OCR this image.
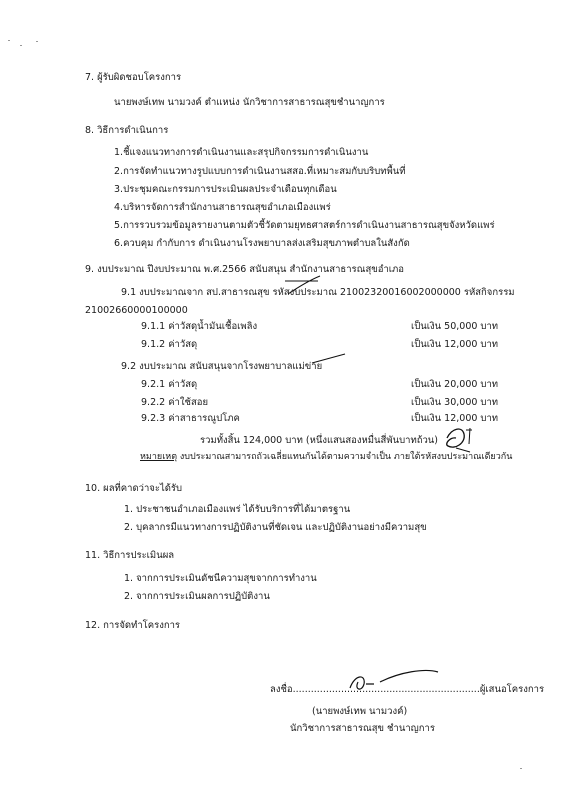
7. ผู้รับผิดชอบโครงการ
นายพงษ์เทพ นามวงค์ ตำแหน่ง นักวิชาการสาธารณสุขชำนาญการ
8. วิธีการดำเนินการ
1.ชี้แจงแนวทางการดำเนินงานและสรุปกิจกรรมการดำเนินงาน
2.การจัดทำแนวทางรูปแบบการดำเนินงานสสอ.ที่เหมาะสมกับบริบทพื้นที่
3.ประชุมคณะกรรมการประเมินผลประจำเดือนทุกเดือน
4.บริหารจัดการสำนักงานสาธารณสุขอำเภอเมืองแพร่
5.การรวบรวมข้อมูลรายงานตามตัวชี้วัดตามยุทธศาสตร์การดำเนินงานสาธารณสุขจังหวัดแพร่
6.ควบคุม กำกับการ ดำเนินงานโรงพยาบาลส่งเสริมสุขภาพตำบลในสังกัด
9. งบประมาณ ปีงบประมาณ พ.ศ.2566 สนับสนุน สำนักงานสาธารณสุขอำเภอ
9.1 งบประมาณจาก สป.สาธารณสุข รหัสงบประมาณ 21002320016002000000 รหัสกิจกรรม
21002660000100000
9.1.1 ค่าวัสดุน้ำมันเชื้อเพลิง	เป็นเงิน 50,000 บาท
9.1.2 ค่าวัสดุ	เป็นเงิน 12,000 บาท
9.2 งบประมาณ สนับสนุนจากโรงพยาบาลแม่ข่าย
9.2.1 ค่าวัสดุ	เป็นเงิน 20,000 บาท
9.2.2 ค่าใช้สอย	เป็นเงิน 30,000 บาท
9.2.3 ค่าสาธารณูปโภค	เป็นเงิน 12,000 บาท
รวมทั้งสิ้น 124,000 บาท (หนึ่งแสนสองหมื่นสี่พันบาทถ้วน)
หมายเหตุ งบประมาณสามารถถัวเฉลี่ยแทนกันได้ตามความจำเป็น ภายใต้รหัสงบประมาณเดียวกัน
10. ผลที่คาดว่าจะได้รับ
1. ประชาชนอำเภอเมืองแพร่ ได้รับบริการที่ได้มาตรฐาน
2. บุคลากรมีแนวทางการปฏิบัติงานที่ชัดเจน และปฏิบัติงานอย่างมีความสุข
11. วิธีการประเมินผล
1. จากการประเมินดัชนีความสุขจากการทำงาน
2. จากการประเมินผลการปฏิบัติงาน
12. การจัดทำโครงการ
ลงชื่อ..............................................................ผู้เสนอโครงการ
(นายพงษ์เทพ นามวงค์)
นักวิชาการสาธารณสุข ชำนาญการ
